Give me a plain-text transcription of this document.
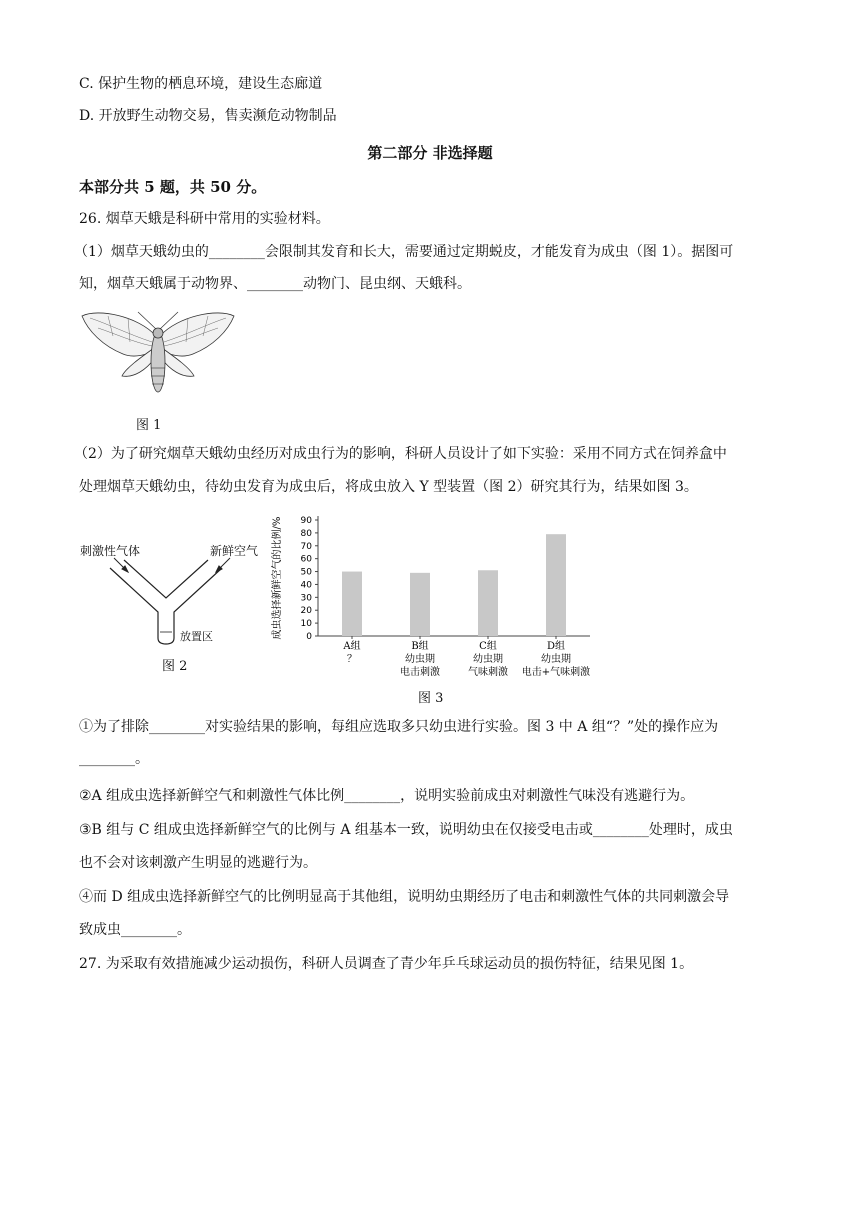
C. 保护生物的栖息环境，建设生态廊道
D. 开放野生动物交易，售卖濒危动物制品
第二部分 非选择题
本部分共 5 题，共 50 分。
26. 烟草天蛾是科研中常用的实验材料。
（1）烟草天蛾幼虫的________会限制其发育和长大，需要通过定期蜕皮，才能发育为成虫（图 1）。据图可
知，烟草天蛾属于动物界、________动物门、昆虫纲、天蛾科。
图 1
（2）为了研究烟草天蛾幼虫经历对成虫行为的影响，科研人员设计了如下实验：采用不同方式在饲养盒中
处理烟草天蛾幼虫，待幼虫发育为成虫后，将成虫放入 Y 型装置（图 2）研究其行为，结果如图 3。
刺激性气体	新鲜空气
放置区
图 2
成虫选择新鲜空气的比例/%	0
10
20
30
40
50
60
70
80
90
A组
？
B组
幼虫期
电击刺激
C组
幼虫期
气味刺激
D组
幼虫期
电击+气味刺激
图 3
①为了排除________对实验结果的影响，每组应选取多只幼虫进行实验。图 3 中 A 组“？”处的操作应为
________。
②A 组成虫选择新鲜空气和刺激性气体比例________，说明实验前成虫对刺激性气味没有逃避行为。
③B 组与 C 组成虫选择新鲜空气的比例与 A 组基本一致，说明幼虫在仅接受电击或________处理时，成虫
也不会对该刺激产生明显的逃避行为。
④而 D 组成虫选择新鲜空气的比例明显高于其他组，说明幼虫期经历了电击和刺激性气体的共同刺激会导
致成虫________。
27. 为采取有效措施减少运动损伤，科研人员调查了青少年乒乓球运动员的损伤特征，结果见图 1。
